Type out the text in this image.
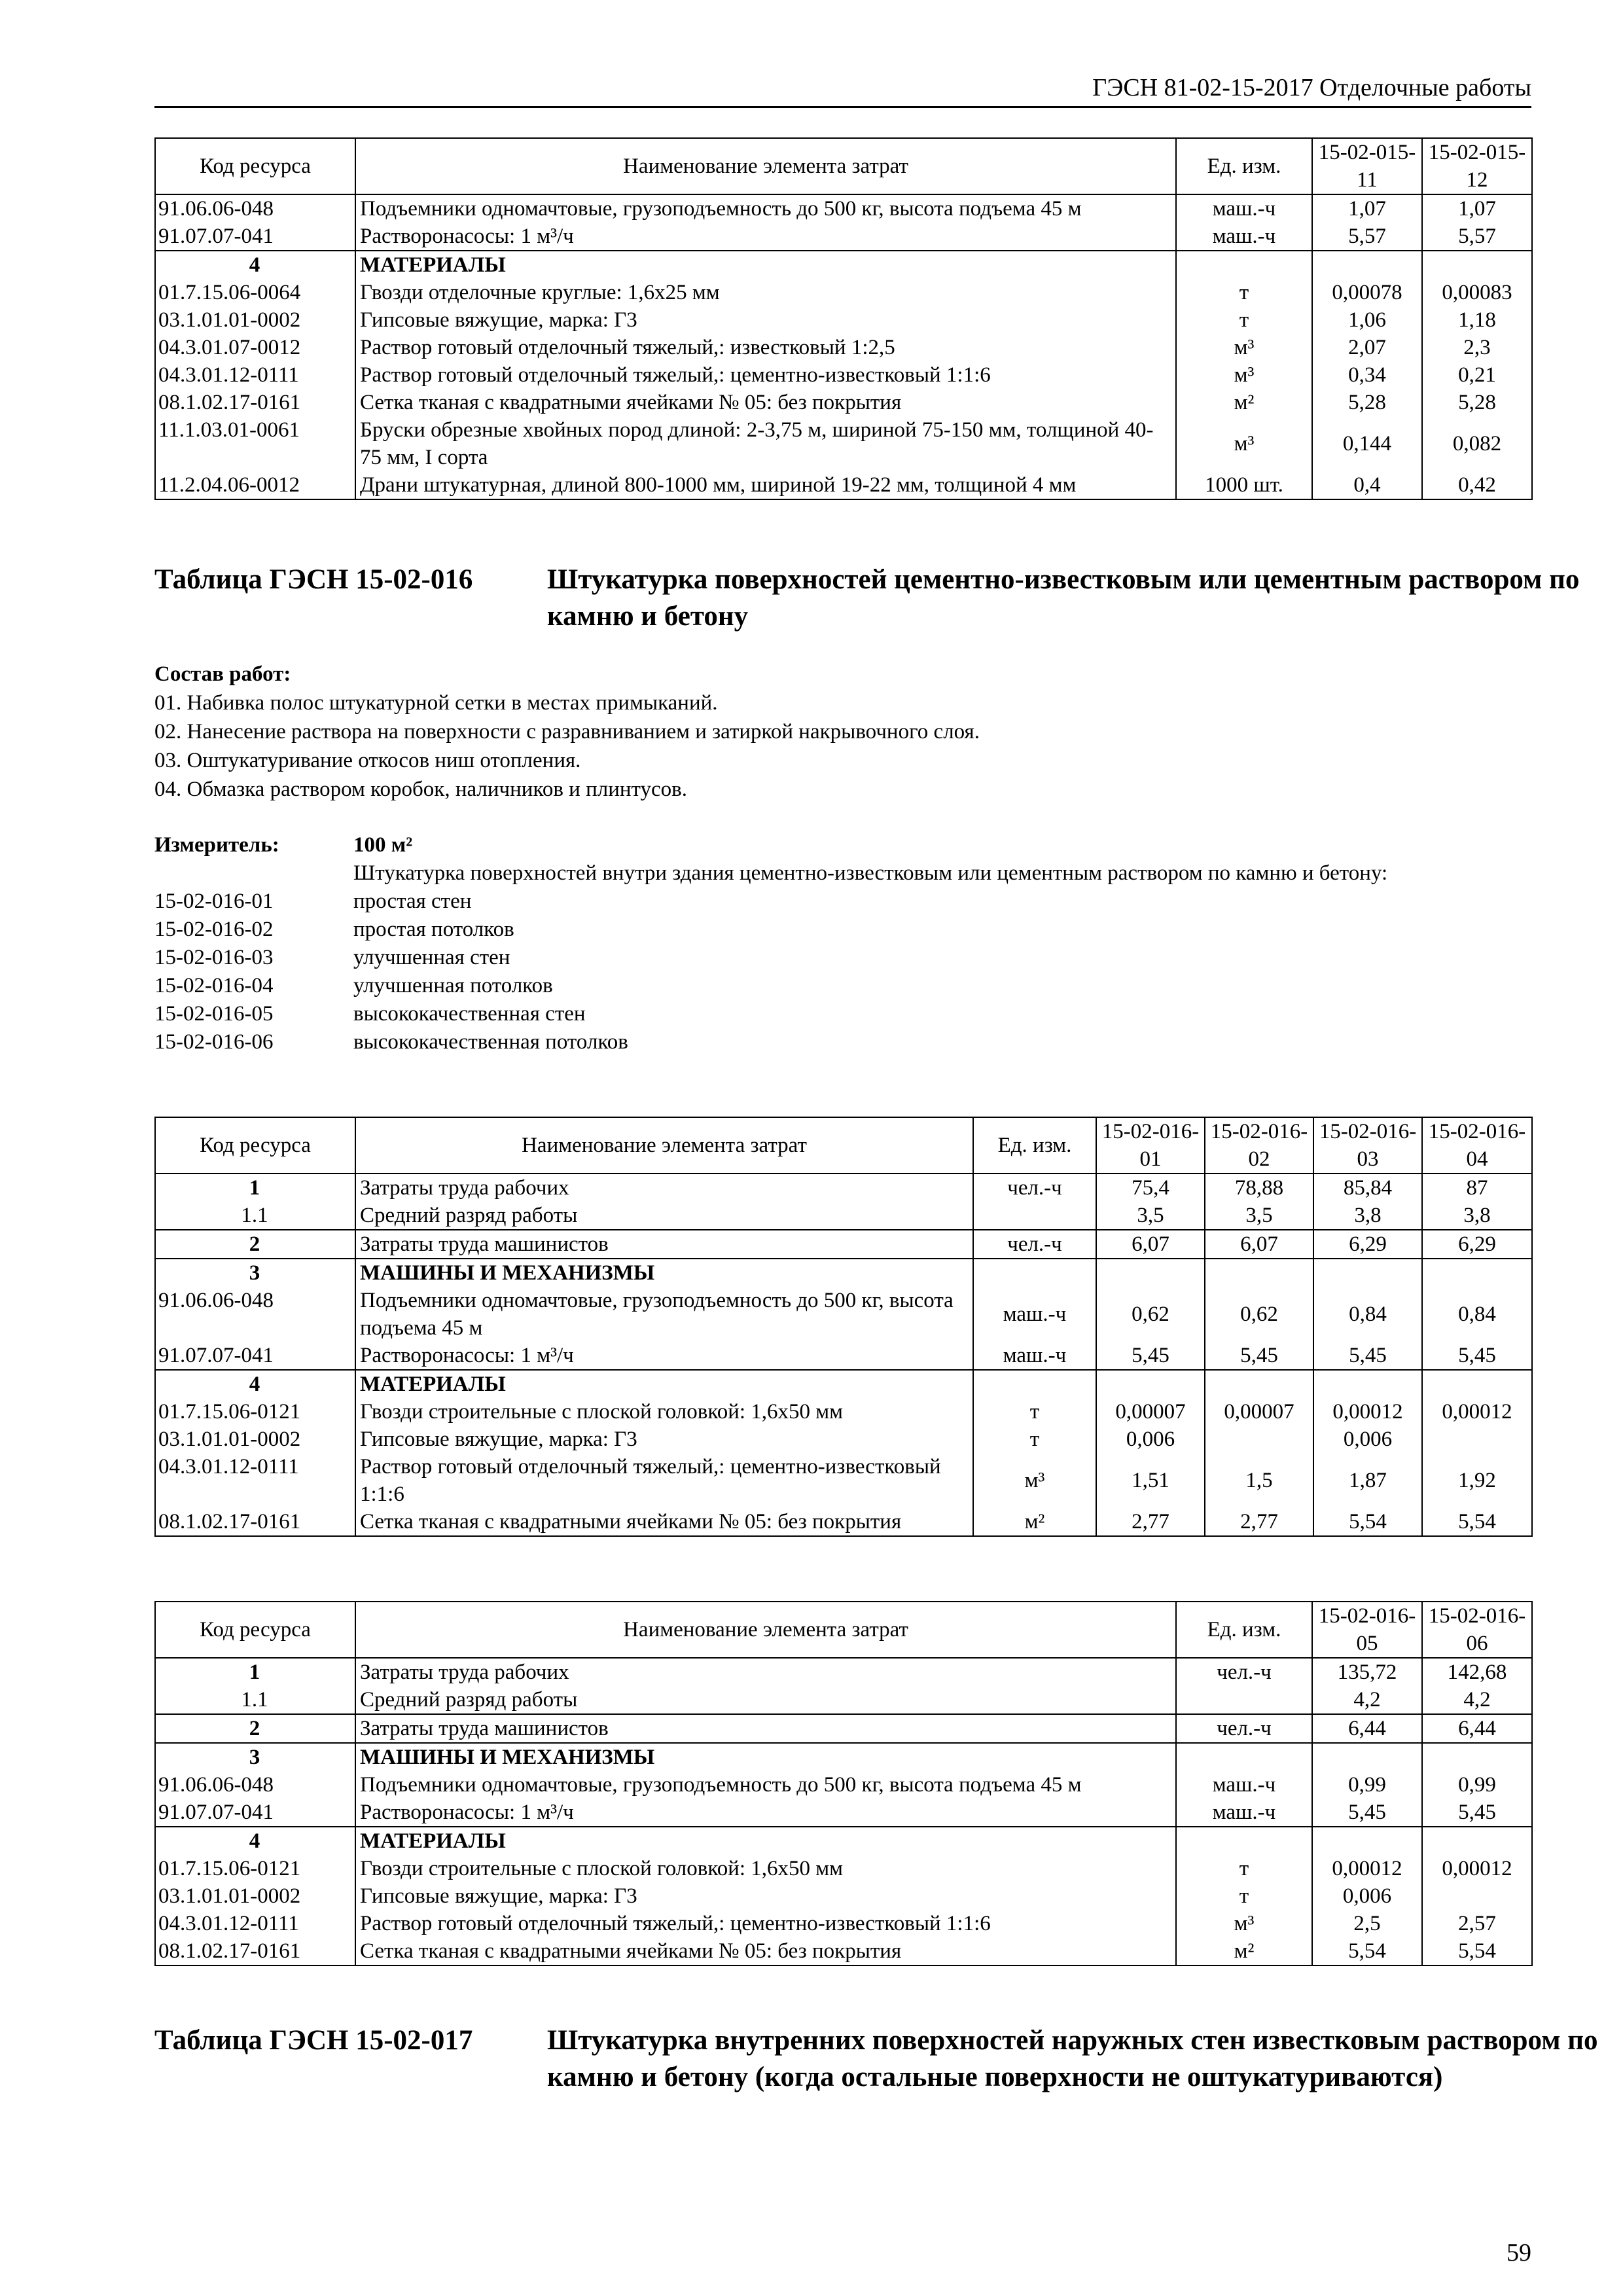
ГЭСН 81-02-15-2017 Отделочные работы
Код ресурса	Наименование элемента затрат	Ед. изм.	15-02-015-11	15-02-015-12
91.06.06-048	Подъемники одномачтовые, грузоподъемность до 500 кг, высота подъема 45 м	маш.-ч	1,07	1,07
91.07.07-041	Растворонасосы: 1 м³/ч	маш.-ч	5,57	5,57
4	МАТЕРИАЛЫ			
01.7.15.06-0064	Гвозди отделочные круглые: 1,6х25 мм	т	0,00078	0,00083
03.1.01.01-0002	Гипсовые вяжущие, марка: Г3	т	1,06	1,18
04.3.01.07-0012	Раствор готовый отделочный тяжелый,: известковый 1:2,5	м³	2,07	2,3
04.3.01.12-0111	Раствор готовый отделочный тяжелый,: цементно-известковый 1:1:6	м³	0,34	0,21
08.1.02.17-0161	Сетка тканая с квадратными ячейками № 05: без покрытия	м²	5,28	5,28
11.1.03.01-0061	Бруски обрезные хвойных пород длиной: 2-3,75 м, шириной 75-150 мм, толщиной 40-75 мм, I сорта	м³	0,144	0,082
11.2.04.06-0012	Драни штукатурная, длиной 800-1000 мм, шириной 19-22 мм, толщиной 4 мм	1000 шт.	0,4	0,42
Таблица ГЭСН 15-02-016	Штукатурка поверхностей цементно-известковым или цементным раствором по камню и бетону
Состав работ:
01. Набивка полос штукатурной сетки в местах примыканий.
02. Нанесение раствора на поверхности с разравниванием и затиркой накрывочного слоя.
03. Оштукатуривание откосов ниш отопления.
04. Обмазка раствором коробок, наличников и плинтусов.
Измеритель:	100 м²
Штукатурка поверхностей внутри здания цементно-известковым или цементным раствором по камню и бетону:
15-02-016-01	простая стен
15-02-016-02	простая потолков
15-02-016-03	улучшенная стен
15-02-016-04	улучшенная потолков
15-02-016-05	высококачественная стен
15-02-016-06	высококачественная потолков
Код ресурса	Наименование элемента затрат	Ед. изм.	15-02-016-01	15-02-016-02	15-02-016-03	15-02-016-04
1	Затраты труда рабочих	чел.-ч	75,4	78,88	85,84	87
1.1	Средний разряд работы		3,5	3,5	3,8	3,8
2	Затраты труда машинистов	чел.-ч	6,07	6,07	6,29	6,29
3	МАШИНЫ И МЕХАНИЗМЫ					
91.06.06-048	Подъемники одномачтовые, грузоподъемность до 500 кг, высота подъема 45 м	маш.-ч	0,62	0,62	0,84	0,84
91.07.07-041	Растворонасосы: 1 м³/ч	маш.-ч	5,45	5,45	5,45	5,45
4	МАТЕРИАЛЫ					
01.7.15.06-0121	Гвозди строительные с плоской головкой: 1,6х50 мм	т	0,00007	0,00007	0,00012	0,00012
03.1.01.01-0002	Гипсовые вяжущие, марка: Г3	т	0,006		0,006	
04.3.01.12-0111	Раствор готовый отделочный тяжелый,: цементно-известковый 1:1:6	м³	1,51	1,5	1,87	1,92
08.1.02.17-0161	Сетка тканая с квадратными ячейками № 05: без покрытия	м²	2,77	2,77	5,54	5,54
Код ресурса	Наименование элемента затрат	Ед. изм.	15-02-016-05	15-02-016-06
1	Затраты труда рабочих	чел.-ч	135,72	142,68
1.1	Средний разряд работы		4,2	4,2
2	Затраты труда машинистов	чел.-ч	6,44	6,44
3	МАШИНЫ И МЕХАНИЗМЫ			
91.06.06-048	Подъемники одномачтовые, грузоподъемность до 500 кг, высота подъема 45 м	маш.-ч	0,99	0,99
91.07.07-041	Растворонасосы: 1 м³/ч	маш.-ч	5,45	5,45
4	МАТЕРИАЛЫ			
01.7.15.06-0121	Гвозди строительные с плоской головкой: 1,6х50 мм	т	0,00012	0,00012
03.1.01.01-0002	Гипсовые вяжущие, марка: Г3	т	0,006	
04.3.01.12-0111	Раствор готовый отделочный тяжелый,: цементно-известковый 1:1:6	м³	2,5	2,57
08.1.02.17-0161	Сетка тканая с квадратными ячейками № 05: без покрытия	м²	5,54	5,54
Таблица ГЭСН 15-02-017	Штукатурка внутренних поверхностей наружных стен известковым раствором по камню и бетону (когда остальные поверхности не оштукатуриваются)
59
